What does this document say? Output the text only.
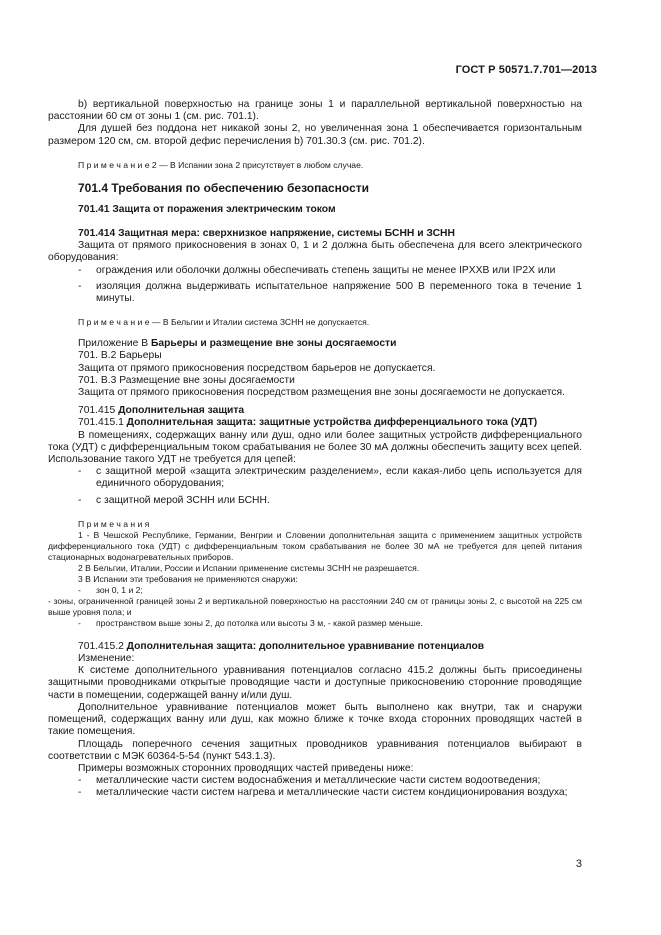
ГОСТ Р 50571.7.701—2013

b) вертикальной поверхностью на границе зоны 1 и параллельной вертикальной поверхностью на расстоянии 60 см от зоны 1 (см. рис. 701.1).

Для душей без поддона нет никакой зоны 2, но увеличенная зона 1 обеспечивается горизонтальным размером 120 см, см. второй дефис перечисления b) 701.30.3 (см. рис. 701.2).

П р и м е ч а н и е 2 — В Испании зона 2 присутствует в любом случае.

701.4 Требования по обеспечению безопасности

701.41 Защита от поражения электрическим током

701.414 Защитная мера: сверхнизкое напряжение, системы БСНН и ЗСНН

Защита от прямого прикосновения в зонах 0, 1 и 2 должна быть обеспечена для всего электрического оборудования:

- ограждения или оболочки должны обеспечивать степень защиты не менее IPXXB или IP2X или
- изоляция должна выдерживать испытательное напряжение 500 В переменного тока в течение 1 минуты.

П р и м е ч а н и е — В Бельгии и Италии система ЗСНН не допускается.

Приложение В Барьеры и размещение вне зоны досягаемости

701. В.2 Барьеры

Защита от прямого прикосновения посредством барьеров не допускается.

701. В.3 Размещение вне зоны досягаемости

Защита от прямого прикосновения посредством размещения вне зоны досягаемости не допускается.

701.415 Дополнительная защита

701.415.1 Дополнительная защита: защитные устройства дифференциального тока (УДТ)

В помещениях, содержащих ванну или душ, одно или более защитных устройств дифференциального тока (УДТ) с дифференциальным током срабатывания не более 30 мА должны обеспечить защиту всех цепей. Использование такого УДТ не требуется для цепей:

- с защитной мерой «защита электрическим разделением», если какая-либо цепь используется для единичного оборудования;
- с защитной мерой ЗСНН или БСНН.

П р и м е ч а н и я

1 - В Чешской Республике, Германии, Венгрии и Словении дополнительная защита с применением защитных устройств дифференциального тока (УДТ) с дифференциальным током срабатывания не более 30 мА не требуется для цепей питания стационарных водонагревательных приборов.

2 В Бельгии, Италии, России и Испании применение системы ЗСНН не разрешается.

3 В Испании эти требования не применяются снаружи:

- зон 0, 1 и 2;

- зоны, ограниченной границей зоны 2 и вертикальной поверхностью на расстоянии 240 см от границы зоны 2, с высотой на 225 см выше уровня пола; и

- пространством выше зоны 2, до потолка или высоты 3 м, - какой размер меньше.

701.415.2 Дополнительная защита: дополнительное уравнивание потенциалов

Изменение:

К системе дополнительного уравнивания потенциалов согласно 415.2 должны быть присоединены защитными проводниками открытые проводящие части и доступные прикосновению сторонние проводящие части в помещении, содержащей ванну и/или душ.

Дополнительное уравнивание потенциалов может быть выполнено как внутри, так и снаружи помещений, содержащих ванну или душ, как можно ближе к точке входа сторонних проводящих частей в такие помещения.

Площадь поперечного сечения защитных проводников уравнивания потенциалов выбирают в соответствии с МЭК 60364-5-54 (пункт 543.1.3).

Примеры возможных сторонних проводящих частей приведены ниже:

- металлические части систем водоснабжения и металлические части систем водоотведения;
- металлические части систем нагрева и металлические части систем кондиционирования воздуха;
3
